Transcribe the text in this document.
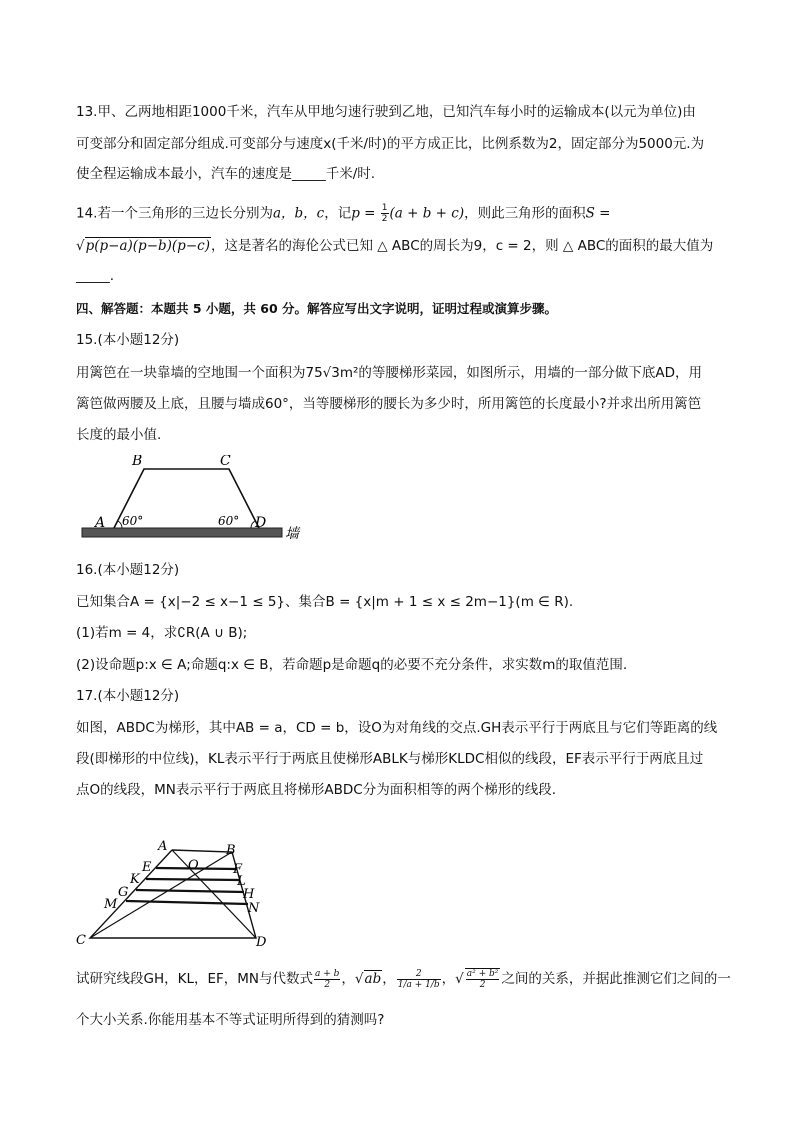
13.甲、乙两地相距1000千米，汽车从甲地匀速行驶到乙地，已知汽车每小时的运输成本(以元为单位)由
可变部分和固定部分组成.可变部分与速度x(千米/时)的平方成正比，比例系数为2，固定部分为5000元.为
使全程运输成本最小，汽车的速度是_____千米/时.
14.若一个三角形的三边长分别为a，b，c，记$p = \frac{1}{2} (a + b + c)$，则此三角形的面积S =
√p(p−a)(p−b)(p−c)，这是著名的海伦公式已知 △ ABC的周长为9，c = 2，则 △ ABC的面积的最大值为
_____.
四、解答题：本题共 5 小题，共 60 分。解答应写出文字说明，证明过程或演算步骤。
15.(本小题12分)
用篱笆在一块靠墙的空地围一个面积为75√3m²的等腰梯形菜园，如图所示，用墙的一部分做下底AD，用
篱笆做两腰及上底，且腰与墙成60°，当等腰梯形的腰长为多少时，所用篱笆的长度最小?并求出所用篱笆
长度的最小值.
B	C
A	D
60°	60°
墙
16.(本小题12分)
已知集合A = {x|−2 ≤ x−1 ≤ 5}、集合B = {x|m + 1 ≤ x ≤ 2m−1}(m ∈ R).
(1)若m = 4，求∁R(A ∪ B);
(2)设命题p:x ∈ A;命题q:x ∈ B，若命题p是命题q的必要不充分条件，求实数m的取值范围.
17.(本小题12分)
如图，ABDC为梯形，其中AB = a，CD = b，设O为对角线的交点.GH表示平行于两底且与它们等距离的线
段(即梯形的中位线)，KL表示平行于两底且使梯形ABLK与梯形KLDC相似的线段，EF表示平行于两底且过
点O的线段，MN表示平行于两底且将梯形ABDC分为面积相等的两个梯形的线段.
A	B
O
E	F
K	L
G	H
M	N
C	D
试研究线段GH，KL，EF，MN与代数式 $\frac{a + b}{2}$ ，√ab， $\frac{2}{1/a + 1/b}$ ，√ $\frac{\text{a² + b²}}{2}$ 之间的关系，并据此推测它们之间的一
个大小关系.你能用基本不等式证明所得到的猜测吗?
